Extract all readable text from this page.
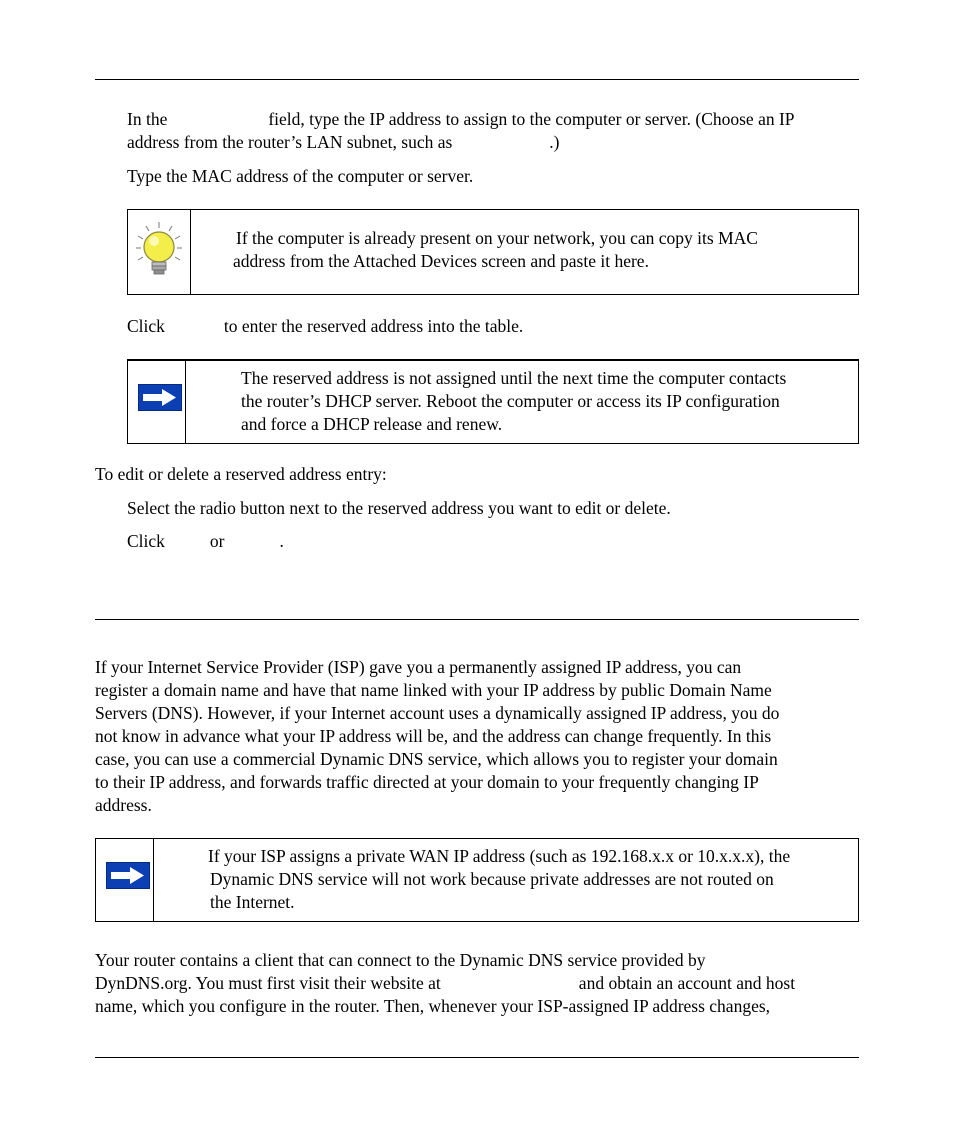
In the	field, type the IP address to assign to the computer or server. (Choose an IP
address from the router’s LAN subnet, such as	.)
Type the MAC address of the computer or server.
If the computer is already present on your network, you can copy its MAC
address from the Attached Devices screen and paste it here.
Click	to enter the reserved address into the table.
The reserved address is not assigned until the next time the computer contacts
the router’s DHCP server. Reboot the computer or access its IP configuration
and force a DHCP release and renew.
To edit or delete a reserved address entry:
Select the radio button next to the reserved address you want to edit or delete.
Click	or	.
If your Internet Service Provider (ISP) gave you a permanently assigned IP address, you can
register a domain name and have that name linked with your IP address by public Domain Name
Servers (DNS). However, if your Internet account uses a dynamically assigned IP address, you do
not know in advance what your IP address will be, and the address can change frequently. In this
case, you can use a commercial Dynamic DNS service, which allows you to register your domain
to their IP address, and forwards traffic directed at your domain to your frequently changing IP
address.
If your ISP assigns a private WAN IP address (such as 192.168.x.x or 10.x.x.x), the
Dynamic DNS service will not work because private addresses are not routed on
the Internet.
Your router contains a client that can connect to the Dynamic DNS service provided by
DynDNS.org. You must first visit their website at	and obtain an account and host
name, which you configure in the router. Then, whenever your ISP-assigned IP address changes,
